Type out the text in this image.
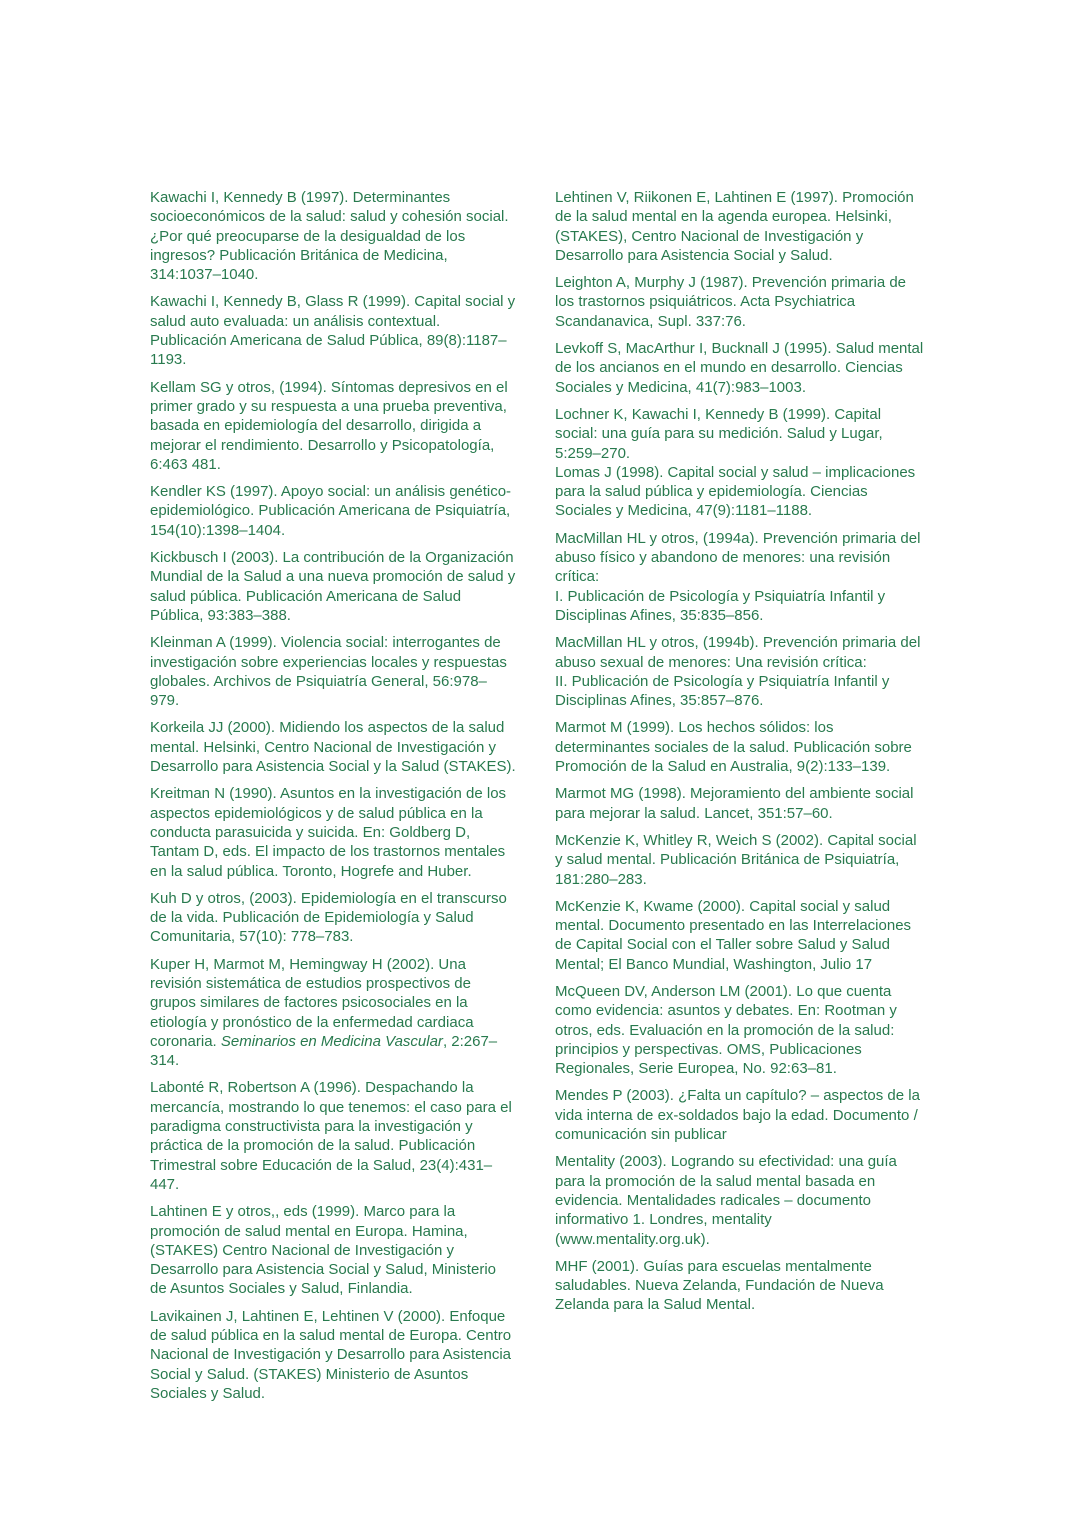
Kawachi I, Kennedy B (1997). Determinantes socioeconómicos de la salud: salud y cohesión social. ¿Por qué preocuparse de la desigualdad de los ingresos? Publicación Británica de Medicina, 314:1037–1040.

Kawachi I, Kennedy B, Glass R (1999). Capital social y salud auto evaluada: un análisis contextual. Publicación Americana de Salud Pública, 89(8):1187– 1193.

Kellam SG y otros, (1994). Síntomas depresivos en el primer grado y su respuesta a una prueba preventiva, basada en epidemiología del desarrollo, dirigida a mejorar el rendimiento. Desarrollo y Psicopatología, 6:463 481.

Kendler KS (1997). Apoyo social: un análisis genético-epidemiológico. Publicación Americana de Psiquiatría, 154(10):1398–1404.

Kickbusch I (2003). La contribución de la Organización Mundial de la Salud a una nueva promoción de salud y salud pública. Publicación Americana de Salud Pública, 93:383–388.

Kleinman A (1999). Violencia social: interrogantes de investigación sobre experiencias locales y respuestas globales. Archivos de Psiquiatría General, 56:978–979.

Korkeila JJ (2000). Midiendo los aspectos de la salud mental. Helsinki, Centro Nacional de Investigación y Desarrollo para Asistencia Social y la Salud (STAKES).

Kreitman N (1990). Asuntos en la investigación de los aspectos epidemiológicos y de salud pública en la conducta parasuicida y suicida. En: Goldberg D, Tantam D, eds. El impacto de los trastornos mentales en la salud pública. Toronto, Hogrefe and Huber.

Kuh D y otros, (2003). Epidemiología en el transcurso de la vida. Publicación de Epidemiología y Salud Comunitaria, 57(10): 778–783.

Kuper H, Marmot M, Hemingway H (2002). Una revisión sistemática de estudios prospectivos de grupos similares de factores psicosociales en la etiología y pronóstico de la enfermedad cardiaca coronaria. Seminarios en Medicina Vascular, 2:267–314.

Labonté R, Robertson A (1996). Despachando la mercancía, mostrando lo que tenemos: el caso para el paradigma constructivista para la investigación y práctica de la promoción de la salud. Publicación Trimestral sobre Educación de la Salud, 23(4):431–447.

Lahtinen E y otros,, eds (1999). Marco para la promoción de salud mental en Europa. Hamina, (STAKES) Centro Nacional de Investigación y Desarrollo para Asistencia Social y Salud, Ministerio de Asuntos Sociales y Salud, Finlandia.

Lavikainen J, Lahtinen E, Lehtinen V (2000). Enfoque de salud pública en la salud mental de Europa. Centro Nacional de Investigación y Desarrollo para Asistencia Social y Salud. (STAKES) Ministerio de Asuntos Sociales y Salud.

Lehtinen V, Riikonen E, Lahtinen E (1997). Promoción de la salud mental en la agenda europea. Helsinki, (STAKES), Centro Nacional de Investigación y Desarrollo para Asistencia Social y Salud.

Leighton A, Murphy J (1987). Prevención primaria de los trastornos psiquiátricos. Acta Psychiatrica Scandanavica, Supl. 337:76.

Levkoff S, MacArthur I, Bucknall J (1995). Salud mental de los ancianos en el mundo en desarrollo. Ciencias Sociales y Medicina, 41(7):983–1003.

Lochner K, Kawachi I, Kennedy B (1999). Capital social: una guía para su medición. Salud y Lugar, 5:259–270.
Lomas J (1998). Capital social y salud – implicaciones para la salud pública y epidemiología. Ciencias Sociales y Medicina, 47(9):1181–1188.

MacMillan HL y otros, (1994a). Prevención primaria del abuso físico y abandono de menores: una revisión crítica:
I. Publicación de Psicología y Psiquiatría Infantil y Disciplinas Afines, 35:835–856.

MacMillan HL y otros, (1994b). Prevención primaria del abuso sexual de menores: Una revisión crítica:
II. Publicación de Psicología y Psiquiatría Infantil y Disciplinas Afines, 35:857–876.

Marmot M (1999). Los hechos sólidos: los determinantes sociales de la salud. Publicación sobre Promoción de la Salud en Australia, 9(2):133–139.

Marmot MG (1998). Mejoramiento del ambiente social para mejorar la salud. Lancet, 351:57–60.

McKenzie K, Whitley R, Weich S (2002). Capital social y salud mental. Publicación Británica de Psiquiatría, 181:280–283.

McKenzie K, Kwame (2000). Capital social y salud mental. Documento presentado en las Interrelaciones de Capital Social con el Taller sobre Salud y Salud Mental; El Banco Mundial, Washington, Julio 17

McQueen DV, Anderson LM (2001). Lo que cuenta como evidencia: asuntos y debates. En: Rootman y otros, eds. Evaluación en la promoción de la salud: principios y perspectivas. OMS, Publicaciones Regionales, Serie Europea, No. 92:63–81.

Mendes P (2003). ¿Falta un capítulo? – aspectos de la vida interna de ex-soldados bajo la edad. Documento / comunicación sin publicar

Mentality (2003). Logrando su efectividad: una guía para la promoción de la salud mental basada en evidencia. Mentalidades radicales – documento informativo 1. Londres, mentality (www.mentality.org.uk).

MHF (2001). Guías para escuelas mentalmente saludables. Nueva Zelanda, Fundación de Nueva Zelanda para la Salud Mental.
